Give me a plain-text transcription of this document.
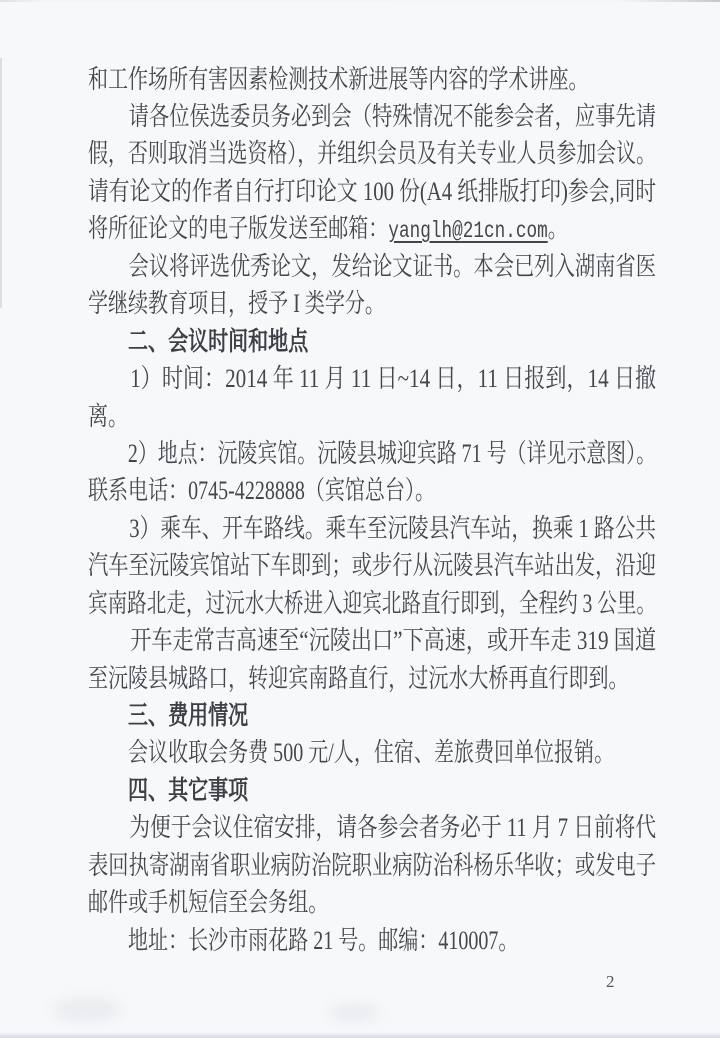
和工作场所有害因素检测技术新进展等内容的学术讲座。
请各位侯选委员务必到会（特殊情况不能参会者，应事先请
假，否则取消当选资格），并组织会员及有关专业人员参加会议。
请有论文的作者自行打印论文 100 份(A4 纸排版打印)参会,同时
将所征论文的电子版发送至邮箱：yanglh@21cn.com。
会议将评选优秀论文，发给论文证书。本会已列入湖南省医
学继续教育项目，授予 I 类学分。
二、会议时间和地点
1）时间：2014 年 11 月 11 日~14 日，11 日报到，14 日撤
离。
2）地点：沅陵宾馆。沅陵县城迎宾路 71 号（详见示意图）。
联系电话：0745-4228888（宾馆总台）。
3）乘车、开车路线。乘车至沅陵县汽车站，换乘 1 路公共
汽车至沅陵宾馆站下车即到；或步行从沅陵县汽车站出发，沿迎
宾南路北走，过沅水大桥进入迎宾北路直行即到，全程约 3 公里。
开车走常吉高速至“沅陵出口”下高速，或开车走 319 国道
至沅陵县城路口，转迎宾南路直行，过沅水大桥再直行即到。
三、费用情况
会议收取会务费 500 元/人，住宿、差旅费回单位报销。
四、其它事项
为便于会议住宿安排，请各参会者务必于 11 月 7 日前将代
表回执寄湖南省职业病防治院职业病防治科杨乐华收；或发电子
邮件或手机短信至会务组。
地址：长沙市雨花路 21 号。邮编：410007。
2
